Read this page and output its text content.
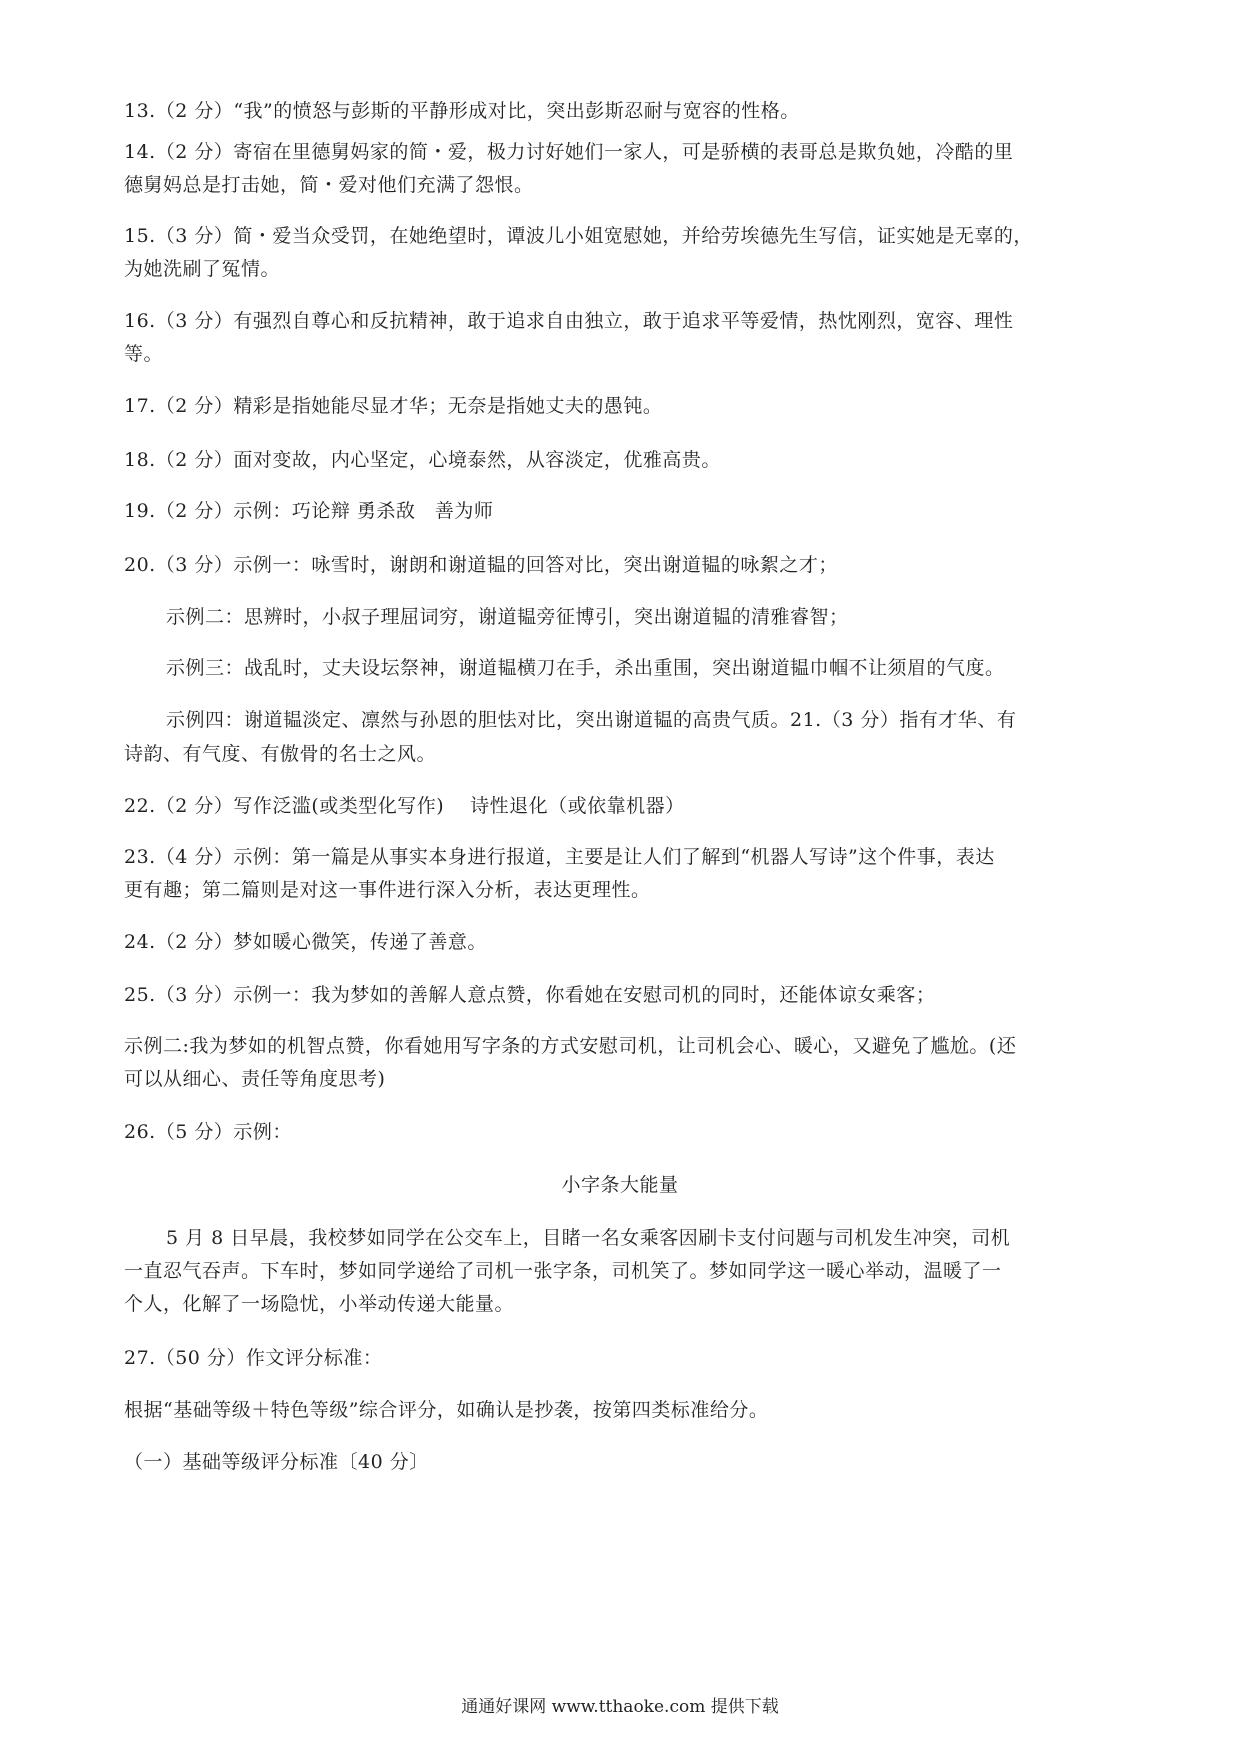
13.（2 分）“我”的愤怒与彭斯的平静形成对比，突出彭斯忍耐与宽容的性格。
14.（2 分）寄宿在里德舅妈家的简・爱，极力讨好她们一家人，可是骄横的表哥总是欺负她，冷酷的里
德舅妈总是打击她，简・爱对他们充满了怨恨。
15.（3 分）简・爱当众受罚，在她绝望时，谭波儿小姐宽慰她，并给劳埃德先生写信，证实她是无辜的，
为她洗刷了冤情。
16.（3 分）有强烈自尊心和反抗精神，敢于追求自由独立，敢于追求平等爱情，热忱刚烈，宽容、理性
等。
17.（2 分）精彩是指她能尽显才华；无奈是指她丈夫的愚钝。
18.（2 分）面对变故，内心坚定，心境泰然，从容淡定，优雅高贵。
19.（2 分）示例：巧论辩 勇杀敌　善为师
20.（3 分）示例一：咏雪时，谢朗和谢道韫的回答对比，突出谢道韫的咏絮之才；
示例二：思辨时，小叔子理屈词穷，谢道韫旁征博引，突出谢道韫的清雅睿智；
示例三：战乱时，丈夫设坛祭神，谢道韫横刀在手，杀出重围，突出谢道韫巾帼不让须眉的气度。
示例四：谢道韫淡定、凛然与孙恩的胆怯对比，突出谢道韫的高贵气质。21.（3 分）指有才华、有
诗韵、有气度、有傲骨的名士之风。
22.（2 分）写作泛滥(或类型化写作) 诗性退化（或依靠机器）
23.（4 分）示例：第一篇是从事实本身进行报道，主要是让人们了解到“机器人写诗”这个件事，表达
更有趣；第二篇则是对这一事件进行深入分析，表达更理性。
24.（2 分）梦如暖心微笑，传递了善意。
25.（3 分）示例一：我为梦如的善解人意点赞，你看她在安慰司机的同时，还能体谅女乘客；
示例二:我为梦如的机智点赞，你看她用写字条的方式安慰司机，让司机会心、暖心，又避免了尴尬。(还
可以从细心、责任等角度思考)
26.（5 分）示例：
小字条大能量
5 月 8 日早晨，我校梦如同学在公交车上，目睹一名女乘客因刷卡支付问题与司机发生冲突，司机
一直忍气吞声。下车时，梦如同学递给了司机一张字条，司机笑了。梦如同学这一暖心举动，温暖了一
个人，化解了一场隐忧，小举动传递大能量。
27.（50 分）作文评分标准：
根据“基础等级＋特色等级”综合评分，如确认是抄袭，按第四类标准给分。
（一）基础等级评分标准〔40 分〕
通通好课网 www.tthaoke.com 提供下载
